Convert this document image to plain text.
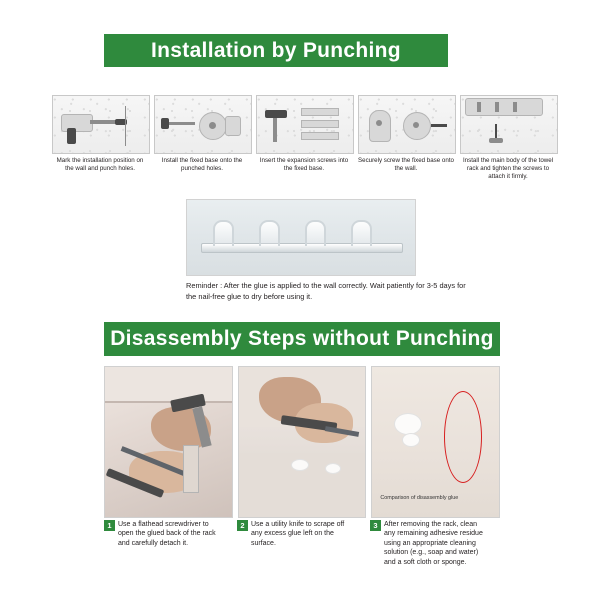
Installation by Punching
Mark the installation position on the wall and punch holes.
Install the fixed base onto the punched holes.
Insert the expansion screws into the fixed base.
Securely screw the fixed base onto the wall.
Install the main body of the towel rack and tighten the screws to attach it firmly.
Reminder : After the glue is applied to the wall correctly. Wait patiently for 3-5 days for the nail-free glue to dry before using it.
Disassembly Steps without Punching
Comparison of disassembly glue
1 Use a flathead screwdriver to open the glued back of the rack and carefully detach it.
2 Use a utility knife to scrape off any excess glue left on the surface.
3 After removing the rack, clean any remaining adhesive residue using an appropriate cleaning solution (e.g., soap and water) and a soft cloth or sponge.
